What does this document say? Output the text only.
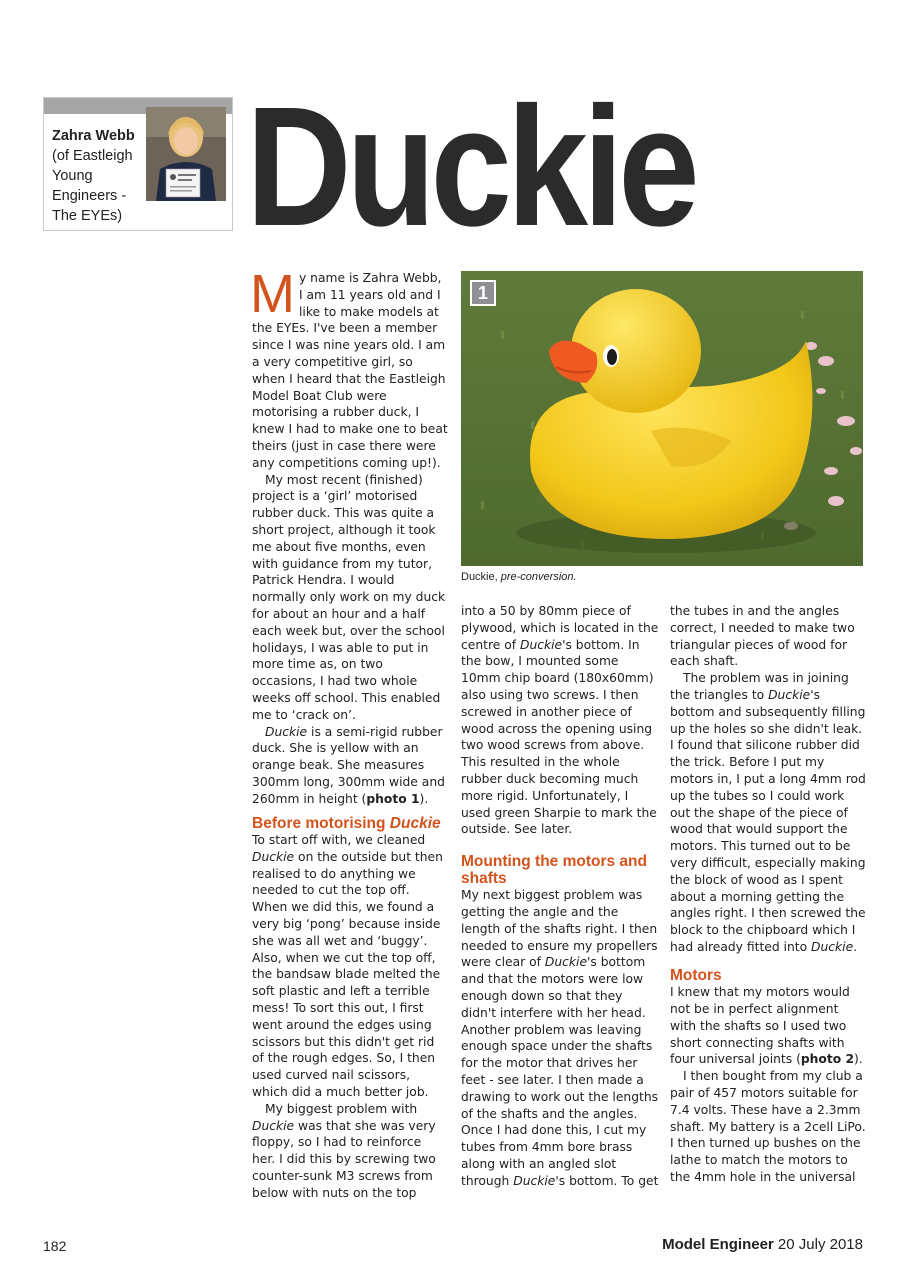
Zahra Webb
(of Eastleigh Young Engineers - The EYEs) Duckie

My name is Zahra Webb, I am 11 years old and I like to make models at the EYEs. I've been a member since I was nine years old. I am a very competitive girl, so when I heard that the Eastleigh Model Boat Club were motorising a rubber duck, I knew I had to make one to beat theirs (just in case there were any competitions coming up!).

My most recent (finished) project is a ‘girl’ motorised rubber duck. This was quite a short project, although it took me about five months, even with guidance from my tutor, Patrick Hendra. I would normally only work on my duck for about an hour and a half each week but, over the school holidays, I was able to put in more time as, on two occasions, I had two whole weeks off school. This enabled me to ‘crack on’.

Duckie is a semi-rigid rubber duck. She is yellow with an orange beak. She measures 300mm long, 300mm wide and 260mm in height (photo 1).

Before motorising Duckie

To start off with, we cleaned Duckie on the outside but then realised to do anything we needed to cut the top off. When we did this, we found a very big ‘pong’ because inside she was all wet and ‘buggy’. Also, when we cut the top off, the bandsaw blade melted the soft plastic and left a terrible mess! To sort this out, I first went around the edges using scissors but this didn't get rid of the rough edges. So, I then used curved nail scissors, which did a much better job.

My biggest problem with Duckie was that she was very floppy, so I had to reinforce her. I did this by screwing two counter-sunk M3 screws from below with nuts on the top

1
Duckie, pre-conversion.

into a 50 by 80mm piece of plywood, which is located in the centre of Duckie's bottom. In the bow, I mounted some 10mm chip board (180x60mm) also using two screws. I then screwed in another piece of wood across the opening using two wood screws from above. This resulted in the whole rubber duck becoming much more rigid. Unfortunately, I used green Sharpie to mark the outside. See later.

Mounting the motors and shafts

My next biggest problem was getting the angle and the length of the shafts right. I then needed to ensure my propellers were clear of Duckie's bottom and that the motors were low enough down so that they didn't interfere with her head. Another problem was leaving enough space under the shafts for the motor that drives her feet - see later. I then made a drawing to work out the lengths of the shafts and the angles. Once I had done this, I cut my tubes from 4mm bore brass along with an angled slot through Duckie's bottom. To get

the tubes in and the angles correct, I needed to make two triangular pieces of wood for each shaft.

The problem was in joining the triangles to Duckie's bottom and subsequently filling up the holes so she didn't leak. I found that silicone rubber did the trick. Before I put my motors in, I put a long 4mm rod up the tubes so I could work out the shape of the piece of wood that would support the motors. This turned out to be very difficult, especially making the block of wood as I spent about a morning getting the angles right. I then screwed the block to the chipboard which I had already fitted into Duckie.

Motors

I knew that my motors would not be in perfect alignment with the shafts so I used two short connecting shafts with four universal joints (photo 2).

I then bought from my club a pair of 457 motors suitable for 7.4 volts. These have a 2.3mm shaft. My battery is a 2cell LiPo. I then turned up bushes on the lathe to match the motors to the 4mm hole in the universal

182	Model Engineer 20 July 2018
